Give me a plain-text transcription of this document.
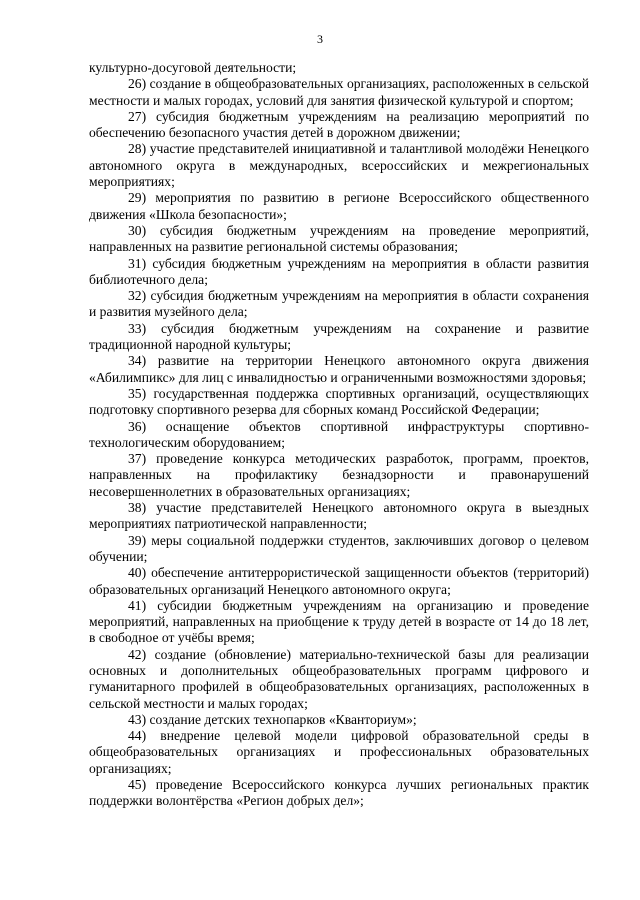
3

культурно-досуговой деятельности;

26) создание в общеобразовательных организациях, расположенных в сельской местности и малых городах, условий для занятия физической культурой и спортом;

27) субсидия бюджетным учреждениям на реализацию мероприятий по обеспечению безопасного участия детей в дорожном движении;

28) участие представителей инициативной и талантливой молодёжи Ненецкого автономного округа в международных, всероссийских и межрегиональных мероприятиях;

29) мероприятия по развитию в регионе Всероссийского общественного движения «Школа безопасности»;

30) субсидия бюджетным учреждениям на проведение мероприятий, направленных на развитие региональной системы образования;

31) субсидия бюджетным учреждениям на мероприятия в области развития библиотечного дела;

32) субсидия бюджетным учреждениям на мероприятия в области сохранения и развития музейного дела;

33) субсидия бюджетным учреждениям на сохранение и развитие традиционной народной культуры;

34) развитие на территории Ненецкого автономного округа движения «Абилимпикс» для лиц с инвалидностью и ограниченными возможностями здоровья;

35) государственная поддержка спортивных организаций, осуществляющих подготовку спортивного резерва для сборных команд Российской Федерации;

36) оснащение объектов спортивной инфраструктуры спортивно-технологическим оборудованием;

37) проведение конкурса методических разработок, программ, проектов, направленных на профилактику безнадзорности и правонарушений несовершеннолетних в образовательных организациях;

38) участие представителей Ненецкого автономного округа в выездных мероприятиях патриотической направленности;

39) меры социальной поддержки студентов, заключивших договор о целевом обучении;

40) обеспечение антитеррористической защищенности объектов (территорий) образовательных организаций Ненецкого автономного округа;

41) субсидии бюджетным учреждениям на организацию и проведение мероприятий, направленных на приобщение к труду детей в возрасте от 14 до 18 лет, в свободное от учёбы время;

42) создание (обновление) материально-технической базы для реализации основных и дополнительных общеобразовательных программ цифрового и гуманитарного профилей в общеобразовательных организациях, расположенных в сельской местности и малых городах;

43) создание детских технопарков «Кванториум»;

44) внедрение целевой модели цифровой образовательной среды в общеобразовательных организациях и профессиональных образовательных организациях;

45) проведение Всероссийского конкурса лучших региональных практик поддержки волонтёрства «Регион добрых дел»;
